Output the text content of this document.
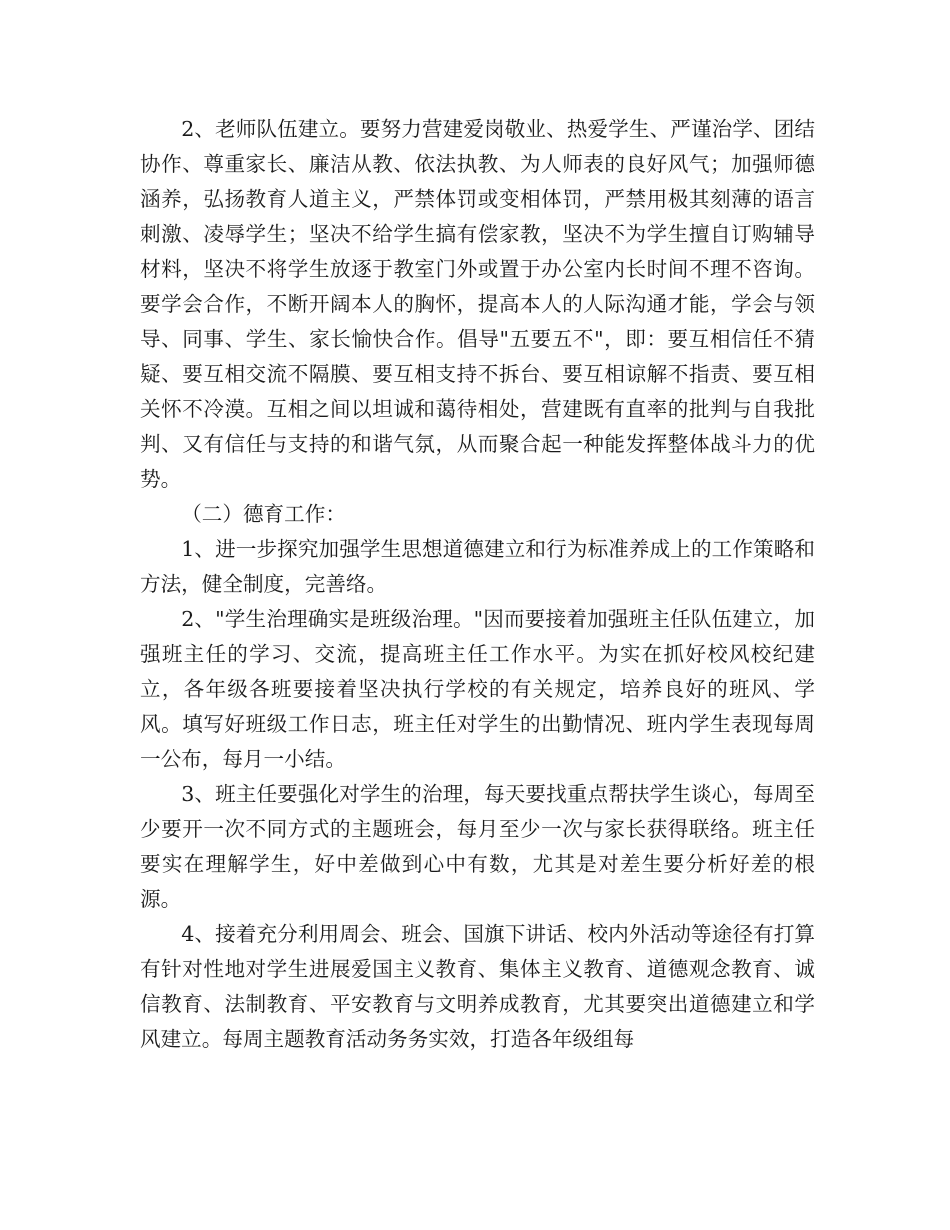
2、老师队伍建立。要努力营建爱岗敬业、热爱学生、严谨治学、团结协作、尊重家长、廉洁从教、依法执教、为人师表的良好风气；加强师德涵养，弘扬教育人道主义，严禁体罚或变相体罚，严禁用极其刻薄的语言刺激、凌辱学生；坚决不给学生搞有偿家教，坚决不为学生擅自订购辅导材料，坚决不将学生放逐于教室门外或置于办公室内长时间不理不咨询。要学会合作，不断开阔本人的胸怀，提高本人的人际沟通才能，学会与领导、同事、学生、家长愉快合作。倡导"五要五不"，即：要互相信任不猜疑、要互相交流不隔膜、要互相支持不拆台、要互相谅解不指责、要互相关怀不冷漠。互相之间以坦诚和蔼待相处，营建既有直率的批判与自我批判、又有信任与支持的和谐气氛，从而聚合起一种能发挥整体战斗力的优势。

（二）德育工作：

1、进一步探究加强学生思想道德建立和行为标准养成上的工作策略和方法，健全制度，完善络。

2、"学生治理确实是班级治理。"因而要接着加强班主任队伍建立，加强班主任的学习、交流，提高班主任工作水平。为实在抓好校风校纪建立，各年级各班要接着坚决执行学校的有关规定，培养良好的班风、学风。填写好班级工作日志，班主任对学生的出勤情况、班内学生表现每周一公布，每月一小结。

3、班主任要强化对学生的治理，每天要找重点帮扶学生谈心，每周至少要开一次不同方式的主题班会，每月至少一次与家长获得联络。班主任要实在理解学生，好中差做到心中有数，尤其是对差生要分析好差的根源。

4、接着充分利用周会、班会、国旗下讲话、校内外活动等途径有打算有针对性地对学生进展爱国主义教育、集体主义教育、道德观念教育、诚信教育、法制教育、平安教育与文明养成教育，尤其要突出道德建立和学风建立。每周主题教育活动务务实效，打造各年级组每
